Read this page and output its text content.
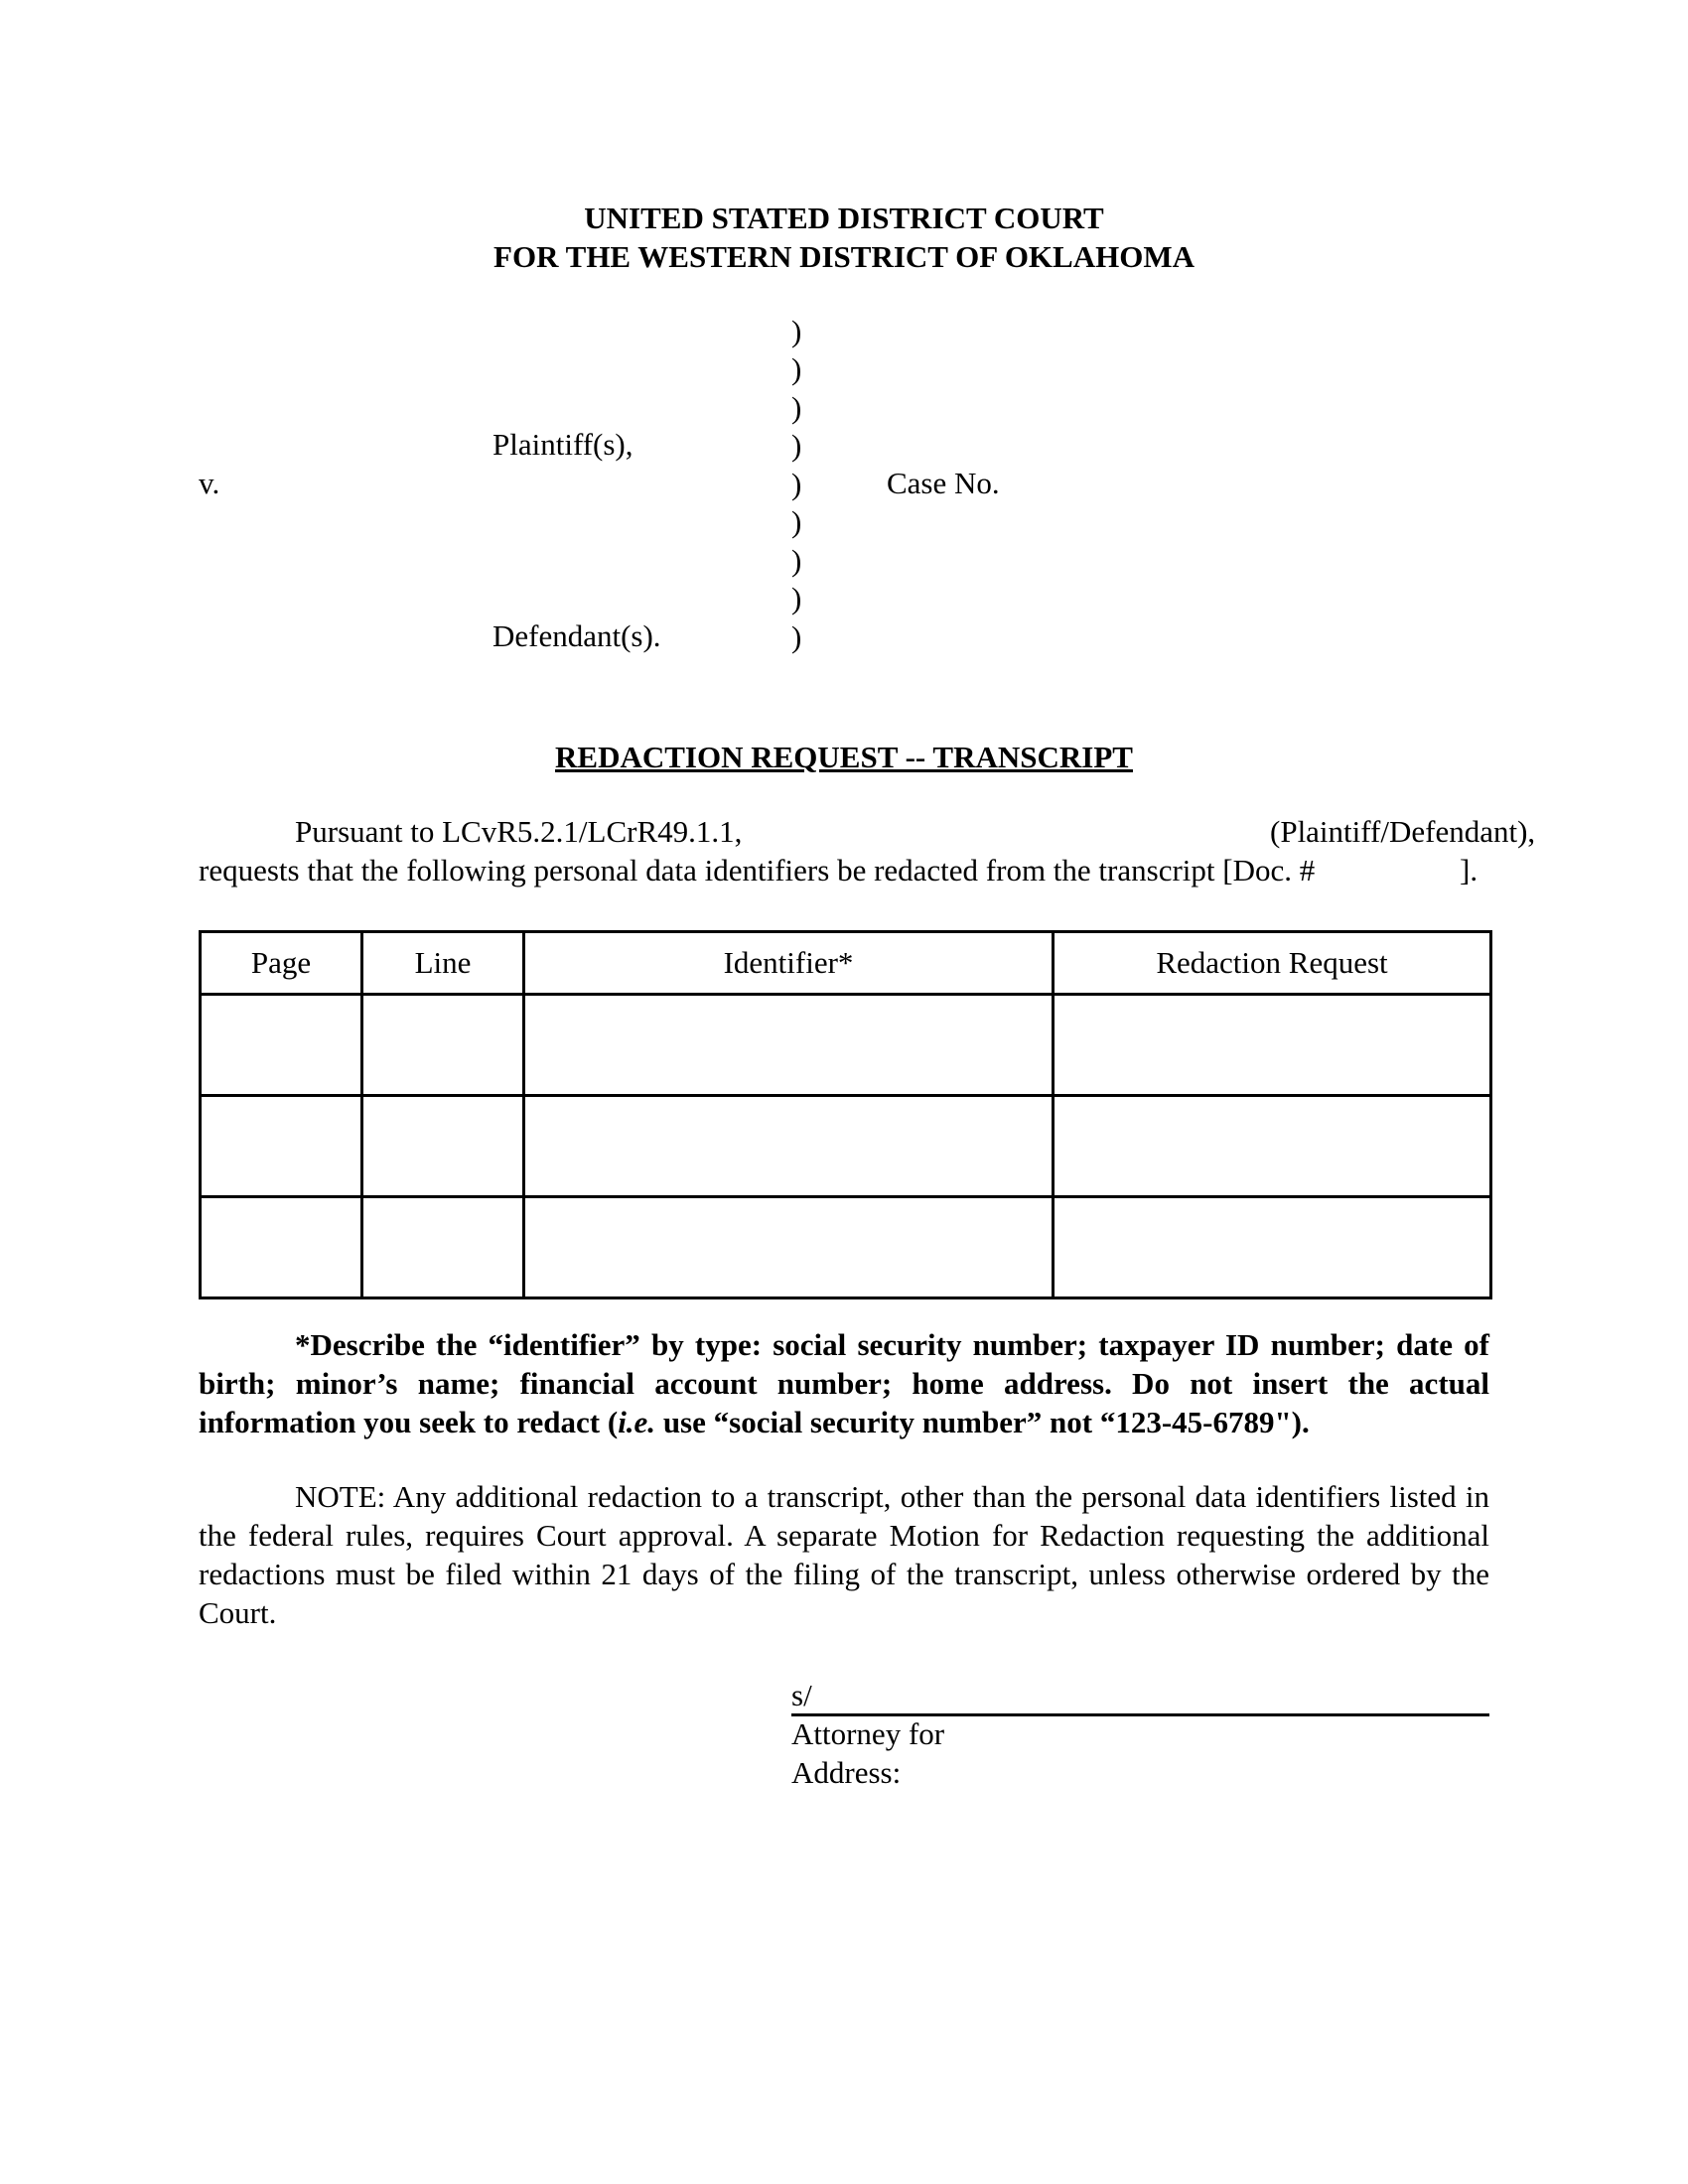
UNITED STATED DISTRICT COURT
FOR THE WESTERN DISTRICT OF OKLAHOMA
Plaintiff(s),
v.	Case No.
Defendant(s).
)
)
)
)
)
)
)
)
)
REDACTION REQUEST -- TRANSCRIPT
Pursuant to LCvR5.2.1/LCrR49.1.1,	(Plaintiff/Defendant),
requests that the following personal data identifiers be redacted from the transcript [Doc. #	].
Page	Line	Identifier*	Redaction Request

*Describe the “identifier” by type: social security number; taxpayer ID number; date of birth; minor’s name; financial account number; home address. Do not insert the actual information you seek to redact (i.e. use “social security number” not “123-45-6789").
NOTE: Any additional redaction to a transcript, other than the personal data identifiers listed in the federal rules, requires Court approval. A separate Motion for Redaction requesting the additional redactions must be filed within 21 days of the filing of the transcript, unless otherwise ordered by the Court.
s/
Attorney for
Address:
